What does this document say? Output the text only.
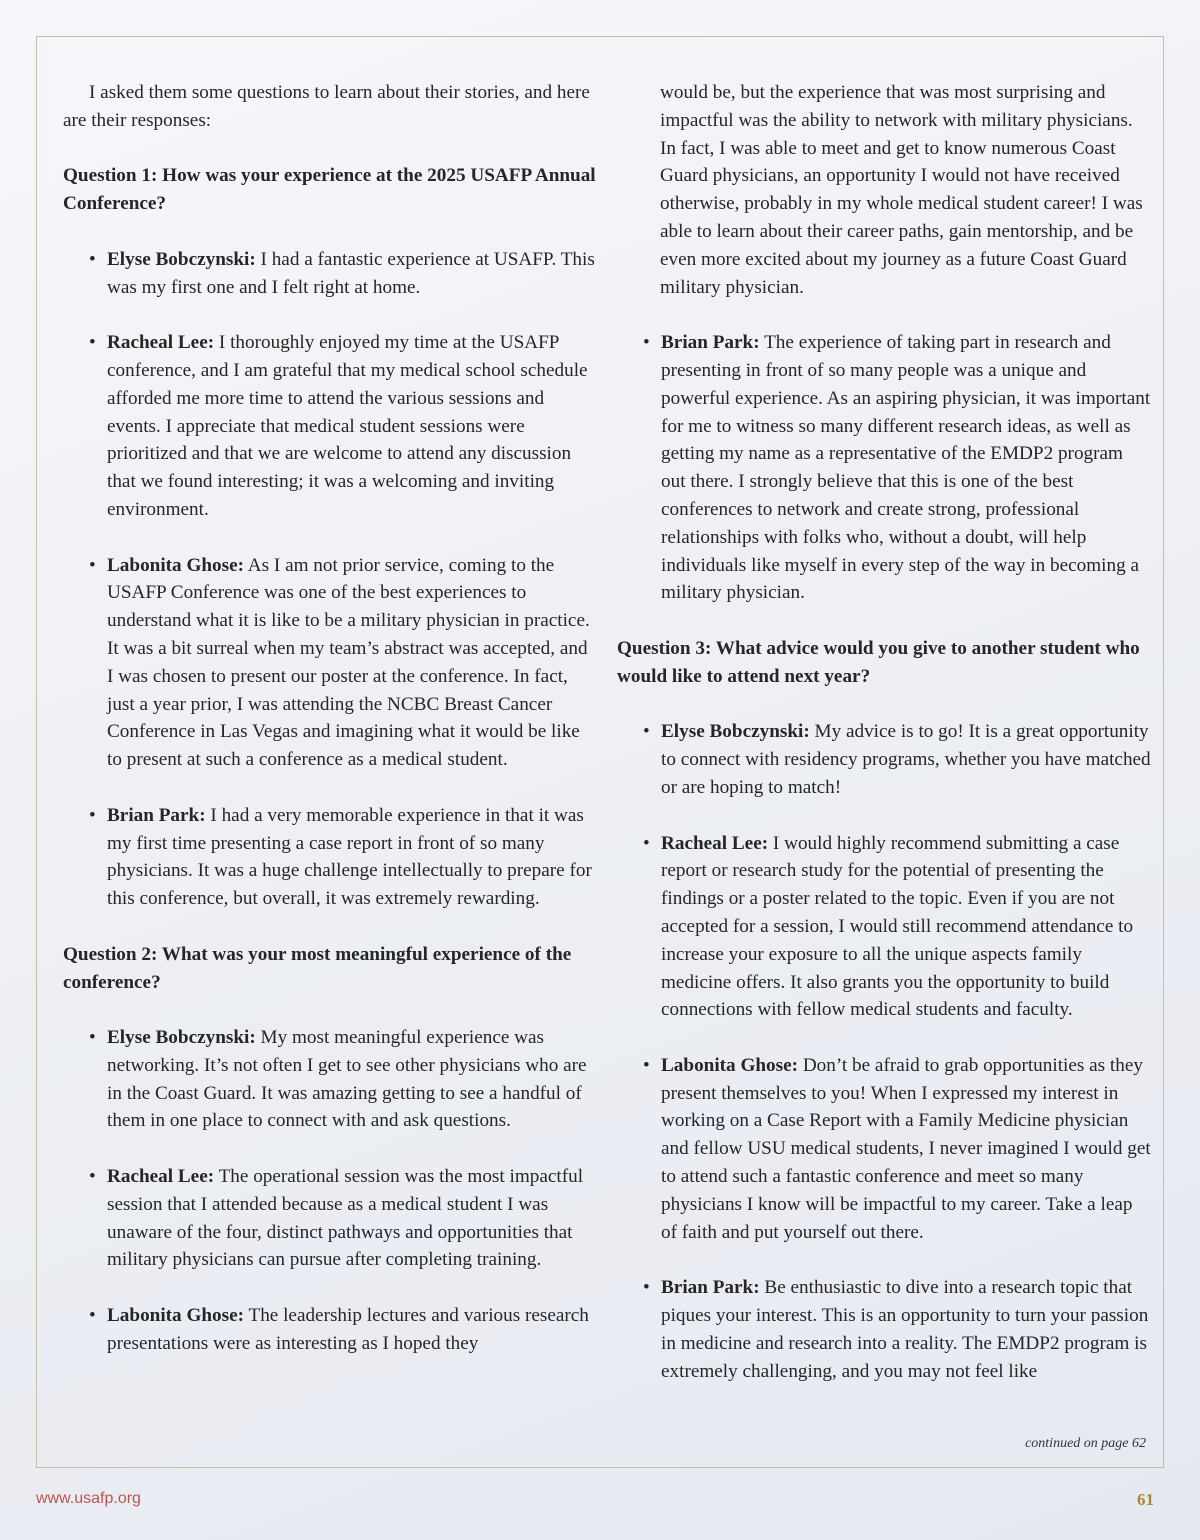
I asked them some questions to learn about their stories, and here are their responses:

Question 1: How was your experience at the 2025 USAFP Annual Conference?

• Elyse Bobczynski: I had a fantastic experience at USAFP. This was my first one and I felt right at home.
• Racheal Lee: I thoroughly enjoyed my time at the USAFP conference, and I am grateful that my medical school schedule afforded me more time to attend the various sessions and events. I appreciate that medical student sessions were prioritized and that we are welcome to attend any discussion that we found interesting; it was a welcoming and inviting environment.
• Labonita Ghose: As I am not prior service, coming to the USAFP Conference was one of the best experiences to understand what it is like to be a military physician in practice. It was a bit surreal when my team’s abstract was accepted, and I was chosen to present our poster at the conference. In fact, just a year prior, I was attending the NCBC Breast Cancer Conference in Las Vegas and imagining what it would be like to present at such a conference as a medical student.
• Brian Park: I had a very memorable experience in that it was my first time presenting a case report in front of so many physicians. It was a huge challenge intellectually to prepare for this conference, but overall, it was extremely rewarding.

Question 2: What was your most meaningful experience of the conference?

• Elyse Bobczynski: My most meaningful experience was networking. It’s not often I get to see other physicians who are in the Coast Guard. It was amazing getting to see a handful of them in one place to connect with and ask questions.
• Racheal Lee: The operational session was the most impactful session that I attended because as a medical student I was unaware of the four, distinct pathways and opportunities that military physicians can pursue after completing training.
• Labonita Ghose: The leadership lectures and various research presentations were as interesting as I hoped they

would be, but the experience that was most surprising and impactful was the ability to network with military physicians. In fact, I was able to meet and get to know numerous Coast Guard physicians, an opportunity I would not have received otherwise, probably in my whole medical student career! I was able to learn about their career paths, gain mentorship, and be even more excited about my journey as a future Coast Guard military physician.

• Brian Park: The experience of taking part in research and presenting in front of so many people was a unique and powerful experience. As an aspiring physician, it was important for me to witness so many different research ideas, as well as getting my name as a representative of the EMDP2 program out there. I strongly believe that this is one of the best conferences to network and create strong, professional relationships with folks who, without a doubt, will help individuals like myself in every step of the way in becoming a military physician.

Question 3: What advice would you give to another student who would like to attend next year?

• Elyse Bobczynski: My advice is to go! It is a great opportunity to connect with residency programs, whether you have matched or are hoping to match!
• Racheal Lee: I would highly recommend submitting a case report or research study for the potential of presenting the findings or a poster related to the topic. Even if you are not accepted for a session, I would still recommend attendance to increase your exposure to all the unique aspects family medicine offers. It also grants you the opportunity to build connections with fellow medical students and faculty.
• Labonita Ghose: Don’t be afraid to grab opportunities as they present themselves to you! When I expressed my interest in working on a Case Report with a Family Medicine physician and fellow USU medical students, I never imagined I would get to attend such a fantastic conference and meet so many physicians I know will be impactful to my career. Take a leap of faith and put yourself out there.
• Brian Park: Be enthusiastic to dive into a research topic that piques your interest. This is an opportunity to turn your passion in medicine and research into a reality. The EMDP2 program is extremely challenging, and you may not feel like
continued on page 62
www.usafp.org	61
